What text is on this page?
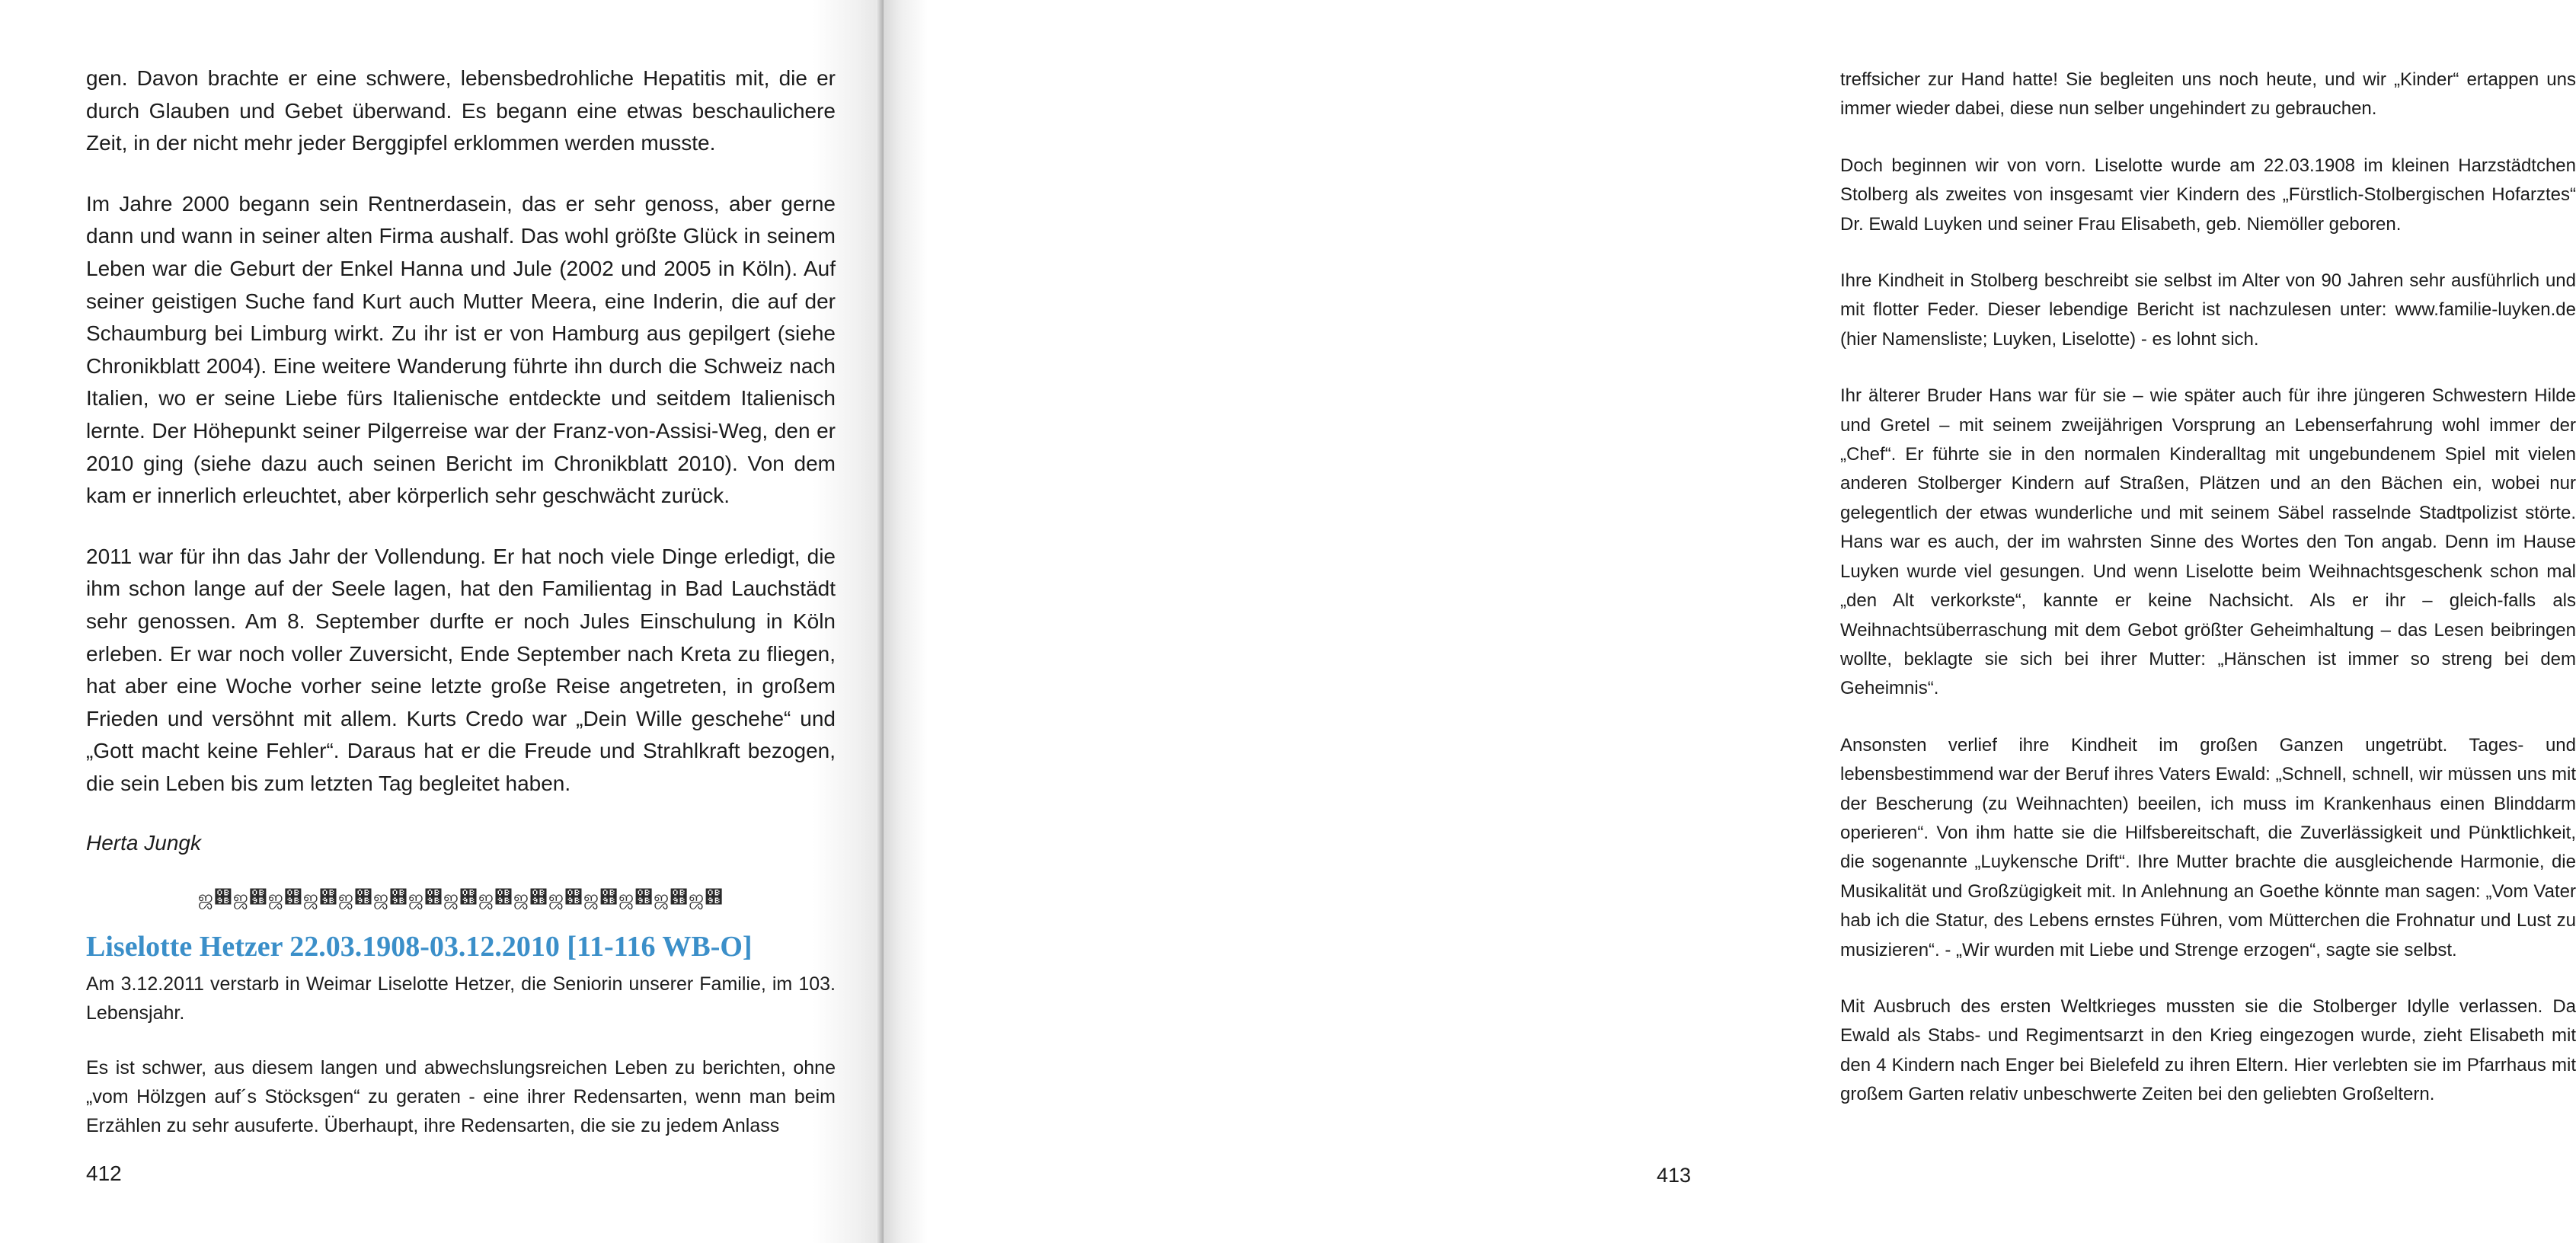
gen. Davon brachte er eine schwere, lebensbedrohliche Hepatitis mit, die er durch Glauben und Gebet überwand. Es begann eine etwas beschaulichere Zeit, in der nicht mehr jeder Berggipfel erklommen werden musste.

Im Jahre 2000 begann sein Rentnerdasein, das er sehr genoss, aber gerne dann und wann in seiner alten Firma aushalf. Das wohl größte Glück in seinem Leben war die Geburt der Enkel Hanna und Jule (2002 und 2005 in Köln). Auf seiner geistigen Suche fand Kurt auch Mutter Meera, eine Inderin, die auf der Schaumburg bei Limburg wirkt. Zu ihr ist er von Hamburg aus gepilgert (siehe Chronikblatt 2004). Eine weitere Wanderung führte ihn durch die Schweiz nach Italien, wo er seine Liebe fürs Italienische entdeckte und seitdem Italienisch lernte. Der Höhepunkt seiner Pilgerreise war der Franz-von-Assisi-Weg, den er 2010 ging (siehe dazu auch seinen Bericht im Chronikblatt 2010). Von dem kam er innerlich erleuchtet, aber körperlich sehr geschwächt zurück.

2011 war für ihn das Jahr der Vollendung. Er hat noch viele Dinge erledigt, die ihm schon lange auf der Seele lagen, hat den Familientag in Bad Lauchstädt sehr genossen. Am 8. September durfte er noch Jules Einschulung in Köln erleben. Er war noch voller Zuversicht, Ende September nach Kreta zu fliegen, hat aber eine Woche vorher seine letzte große Reise angetreten, in großem Frieden und versöhnt mit allem. Kurts Credo war „Dein Wille geschehe“ und „Gott macht keine Fehler“. Daraus hat er die Freude und Strahlkraft bezogen, die sein Leben bis zum letzten Tag begleitet haben.

Herta Jungk
ஜ஛ஜ஛ஜ஛ஜ஛ஜ஛ஜ஛ஜ஛ஜ஛ஜ஛ஜ஛ஜ஛ஜ஛ஜ஛ஜ஛ஜ஛
Liselotte Hetzer 22.03.1908-03.12.2010 [11-116 WB-O]

Am 3.12.2011 verstarb in Weimar Liselotte Hetzer, die Seniorin unserer Familie, im 103. Lebensjahr.

Es ist schwer, aus diesem langen und abwechslungsreichen Leben zu berichten, ohne „vom Hölzgen auf´s Stöcksgen“ zu geraten - eine ihrer Redensarten, wenn man beim Erzählen zu sehr ausuferte. Überhaupt, ihre Redensarten, die sie zu jedem Anlass

412

treffsicher zur Hand hatte! Sie begleiten uns noch heute, und wir „Kinder“ ertappen uns immer wieder dabei, diese nun selber ungehindert zu gebrauchen.

Doch beginnen wir von vorn. Liselotte wurde am 22.03.1908 im kleinen Harzstädtchen Stolberg als zweites von insgesamt vier Kindern des „Fürstlich-Stolbergischen Hofarztes“ Dr. Ewald Luyken und seiner Frau Elisabeth, geb. Niemöller geboren.

Ihre Kindheit in Stolberg beschreibt sie selbst im Alter von 90 Jahren sehr ausführlich und mit flotter Feder. Dieser lebendige Bericht ist nachzulesen unter: www.familie-luyken.de (hier Namensliste; Luyken, Liselotte) - es lohnt sich.

Ihr älterer Bruder Hans war für sie – wie später auch für ihre jüngeren Schwestern Hilde und Gretel – mit seinem zweijährigen Vorsprung an Lebenserfahrung wohl immer der „Chef“. Er führte sie in den normalen Kinderalltag mit ungebundenem Spiel mit vielen anderen Stolberger Kindern auf Straßen, Plätzen und an den Bächen ein, wobei nur gelegentlich der etwas wunderliche und mit seinem Säbel rasselnde Stadtpolizist störte. Hans war es auch, der im wahrsten Sinne des Wortes den Ton angab. Denn im Hause Luyken wurde viel gesungen. Und wenn Liselotte beim Weihnachtsgeschenk schon mal „den Alt verkorkste“, kannte er keine Nachsicht. Als er ihr – gleich-falls als Weihnachtsüberraschung mit dem Gebot größter Geheimhaltung – das Lesen beibringen wollte, beklagte sie sich bei ihrer Mutter: „Hänschen ist immer so streng bei dem Geheimnis“.

Ansonsten verlief ihre Kindheit im großen Ganzen ungetrübt. Tages- und lebensbestimmend war der Beruf ihres Vaters Ewald: „Schnell, schnell, wir müssen uns mit der Bescherung (zu Weihnachten) beeilen, ich muss im Krankenhaus einen Blinddarm operieren“. Von ihm hatte sie die Hilfsbereitschaft, die Zuverlässigkeit und Pünktlichkeit, die sogenannte „Luykensche Drift“. Ihre Mutter brachte die ausgleichende Harmonie, die Musikalität und Großzügigkeit mit. In Anlehnung an Goethe könnte man sagen: „Vom Vater hab ich die Statur, des Lebens ernstes Führen, vom Mütterchen die Frohnatur und Lust zu musizieren“. - „Wir wurden mit Liebe und Strenge erzogen“, sagte sie selbst.

Mit Ausbruch des ersten Weltkrieges mussten sie die Stolberger Idylle verlassen. Da Ewald als Stabs- und Regimentsarzt in den Krieg eingezogen wurde, zieht Elisabeth mit den 4 Kindern nach Enger bei Bielefeld zu ihren Eltern. Hier verlebten sie im Pfarrhaus mit großem Garten relativ unbeschwerte Zeiten bei den geliebten Großeltern.

413
